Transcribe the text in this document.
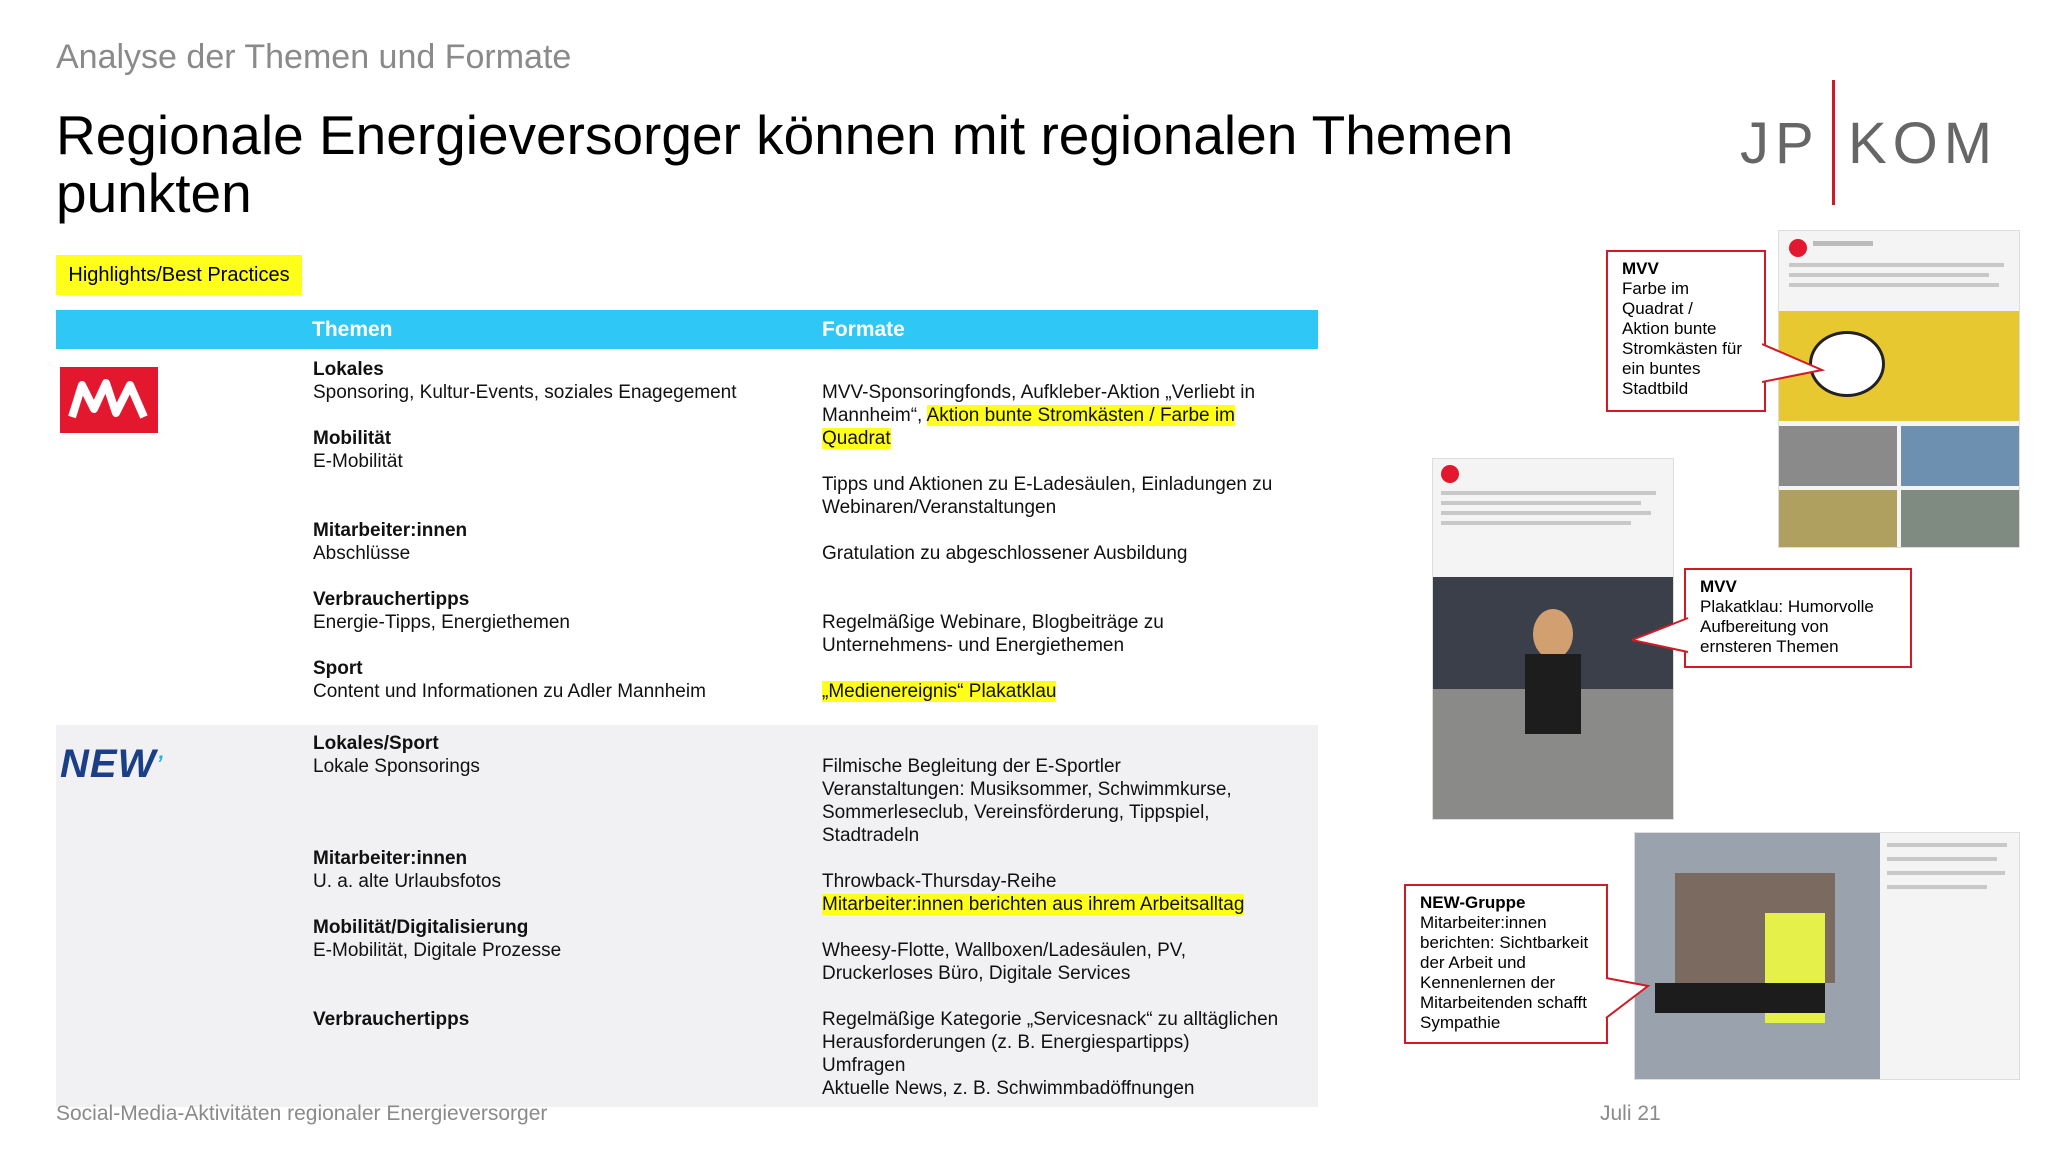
Analyse der Themen und Formate
Regionale Energieversorger können mit regionalen Themen punkten
JP KOM
Highlights/Best Practices
Themen	Formate
Lokales
Sponsoring, Kultur-Events, soziales Enagegement
Mobilität
E-Mobilität
Mitarbeiter:innen
Abschlüsse
Verbrauchertipps
Energie-Tipps, Energiethemen
Sport
Content und Informationen zu Adler Mannheim
MVV-Sponsoringfonds, Aufkleber-Aktion „Verliebt in
Mannheim“, Aktion bunte Stromkästen / Farbe im
Quadrat
Tipps und Aktionen zu E-Ladesäulen, Einladungen zu
Webinaren/Veranstaltungen
Gratulation zu abgeschlossener Ausbildung
Regelmäßige Webinare, Blogbeiträge zu
Unternehmens- und Energiethemen
„Medienereignis“ Plakatklau
NEW’
Lokales/Sport
Lokale Sponsorings
Mitarbeiter:innen
U. a. alte Urlaubsfotos
Mobilität/Digitalisierung
E-Mobilität, Digitale Prozesse
Verbrauchertipps
Filmische Begleitung der E-Sportler
Veranstaltungen: Musiksommer, Schwimmkurse,
Sommerleseclub, Vereinsförderung, Tippspiel,
Stadtradeln
Throwback-Thursday-Reihe
Mitarbeiter:innen berichten aus ihrem Arbeitsalltag
Wheesy-Flotte, Wallboxen/Ladesäulen, PV,
Druckerloses Büro, Digitale Services
Regelmäßige Kategorie „Servicesnack“ zu alltäglichen
Herausforderungen (z. B. Energiespartipps)
Umfragen
Aktuelle News, z. B. Schwimmbadöffnungen
MVV
Farbe im
Quadrat /
Aktion bunte
Stromkästen für
ein buntes
Stadtbild
MVV
Plakatklau: Humorvolle
Aufbereitung von
ernsteren Themen
NEW-Gruppe
Mitarbeiter:innen
berichten: Sichtbarkeit
der Arbeit und
Kennenlernen der
Mitarbeitenden schafft
Sympathie
Social-Media-Aktivitäten regionaler Energieversorger	Juli 21
